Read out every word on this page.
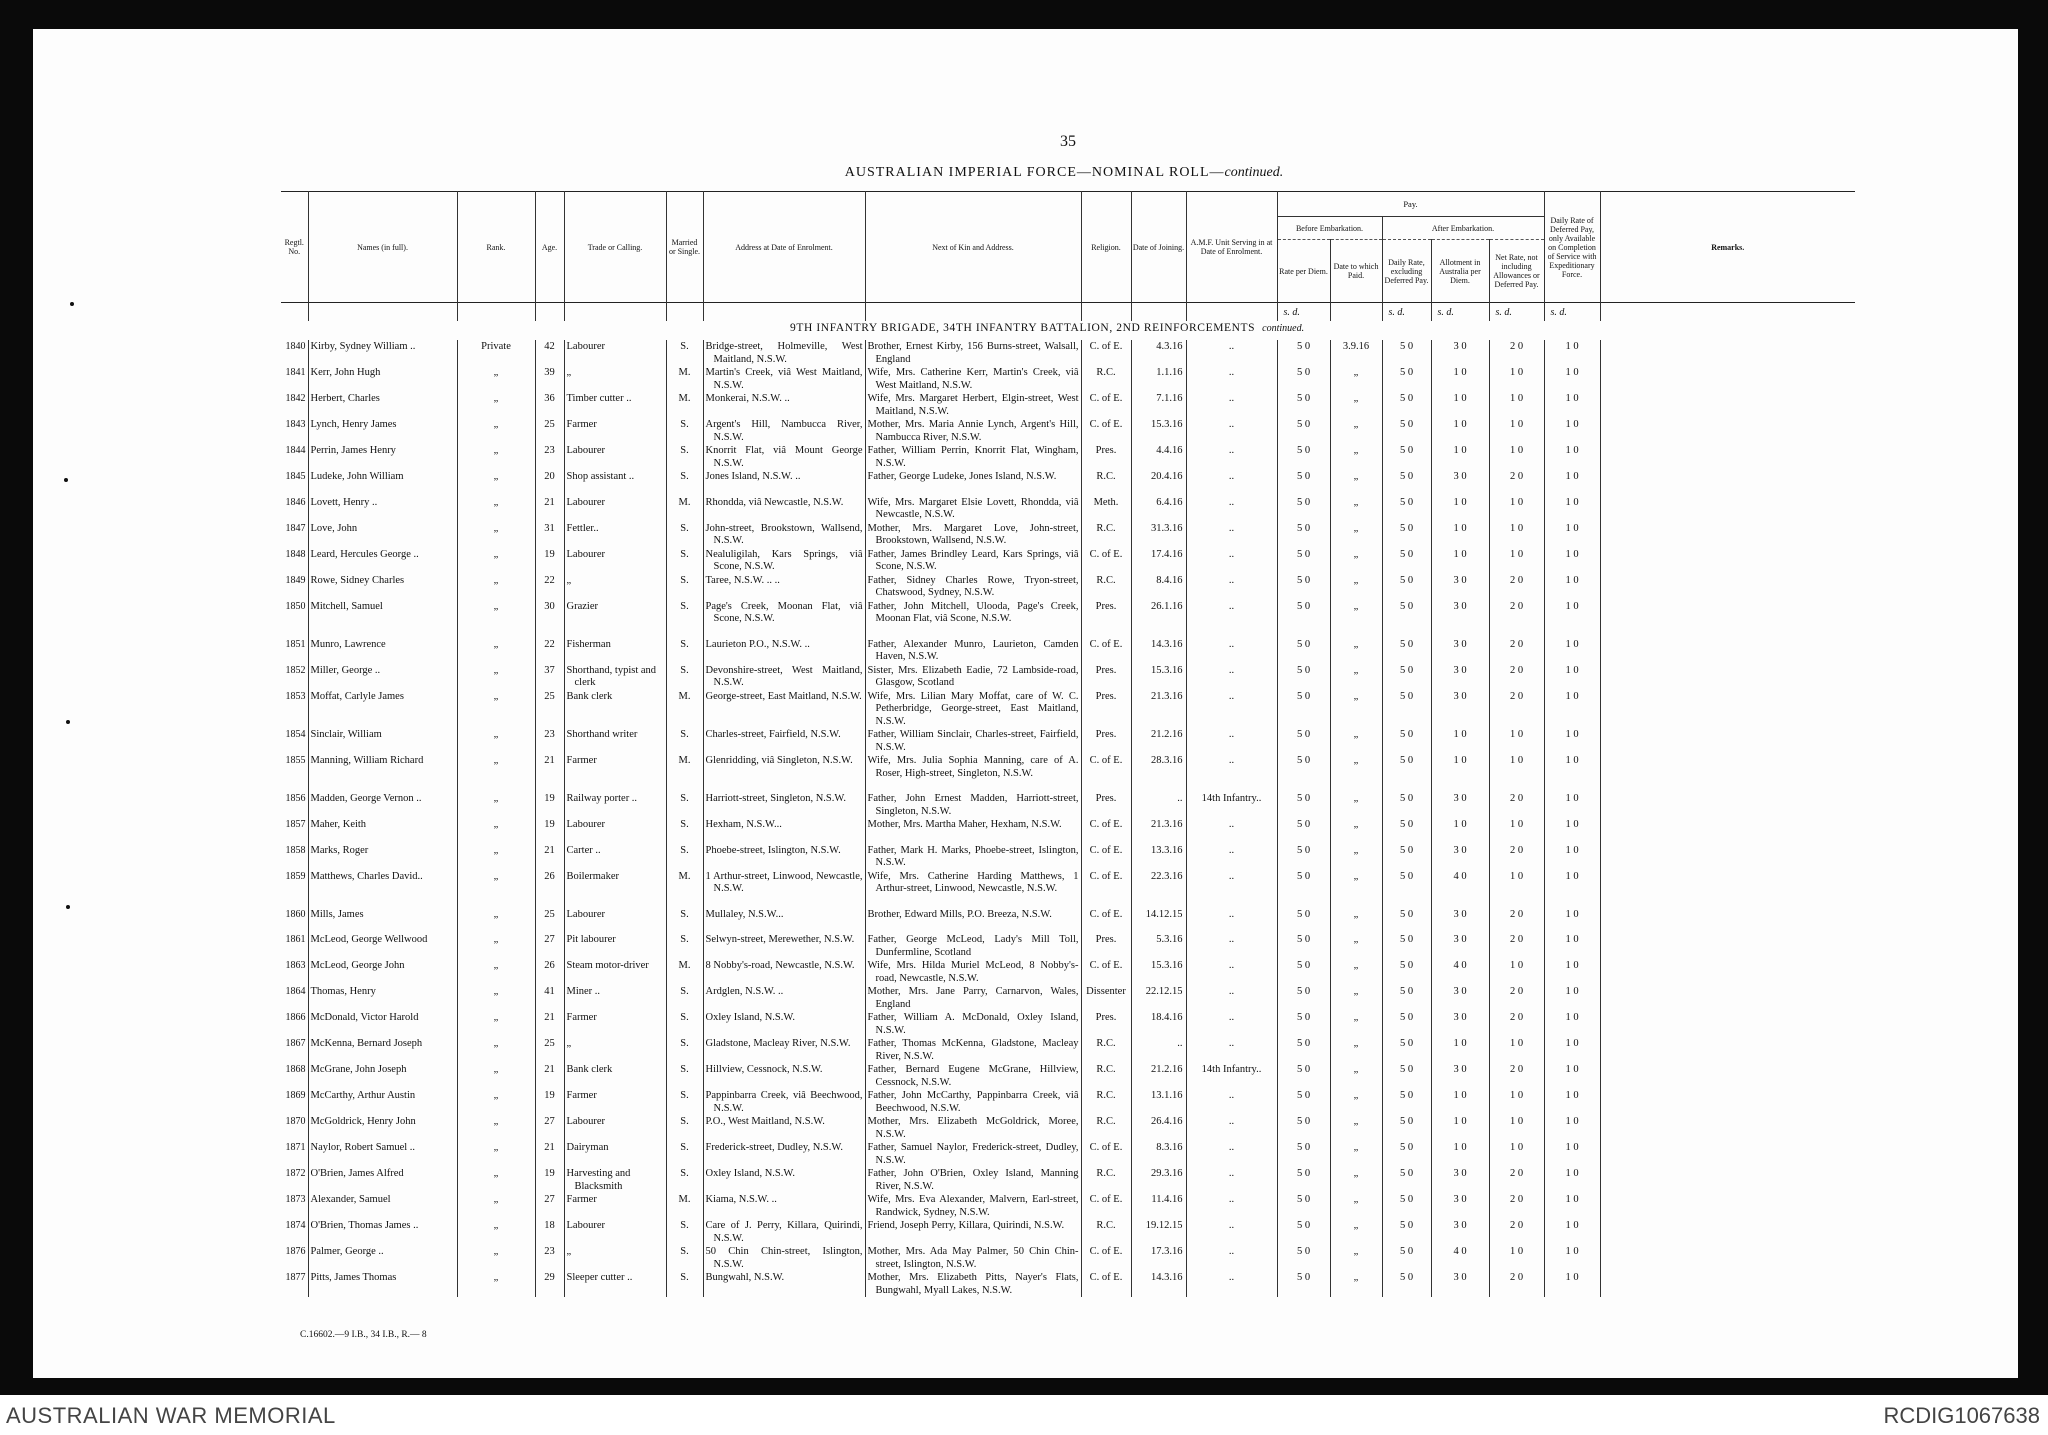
35
AUSTRALIAN IMPERIAL FORCE—NOMINAL ROLL—continued.
Regtl. No.	Names (in full).	Rank.	Age.	Trade or Calling.	Married or Single.	Address at Date of Enrolment.	Next of Kin and Address.	Religion.	Date of Joining.	A.M.F. Unit Serving in at Date of Enrolment.	Pay.					Daily Rate of Deferred Pay, only Available on Completion of Service with Expeditionary Force.	Remarks.
											Before Embarkation.		After Embarkation.				
											Rate per Diem.	Date to which Paid.	Daily Rate, excluding Deferred Pay.	Allotment in Australia per Diem.	Net Rate, not including Allowances or Deferred Pay.		
											s. d.		s. d.	s. d.	s. d.	s. d.	
9TH INFANTRY BRIGADE, 34TH INFANTRY BATTALION, 2ND REINFORCEMENTS continued.
1840	Kirby, Sydney William ..	Private	42	Labourer	S.	Bridge-street, Holmeville, West Maitland, N.S.W.	Brother, Ernest Kirby, 156 Burns-street, Walsall, England	C. of E.	4.3.16	..	5 0	3.9.16	5 0	3 0	2 0	1 0	
1841	Kerr, John Hugh	„	39	„	M.	Martin's Creek, viâ West Maitland, N.S.W.	Wife, Mrs. Catherine Kerr, Martin's Creek, viâ West Maitland, N.S.W.	R.C.	1.1.16	..	5 0	„	5 0	1 0	1 0	1 0	
1842	Herbert, Charles	„	36	Timber cutter ..	M.	Monkerai, N.S.W. ..	Wife, Mrs. Margaret Herbert, Elgin-street, West Maitland, N.S.W.	C. of E.	7.1.16	..	5 0	„	5 0	1 0	1 0	1 0	
1843	Lynch, Henry James	„	25	Farmer	S.	Argent's Hill, Nambucca River, N.S.W.	Mother, Mrs. Maria Annie Lynch, Argent's Hill, Nambucca River, N.S.W.	C. of E.	15.3.16	..	5 0	„	5 0	1 0	1 0	1 0	
1844	Perrin, James Henry	„	23	Labourer	S.	Knorrit Flat, viâ Mount George N.S.W.	Father, William Perrin, Knorrit Flat, Wingham, N.S.W.	Pres.	4.4.16	..	5 0	„	5 0	1 0	1 0	1 0	
1845	Ludeke, John William	„	20	Shop assistant ..	S.	Jones Island, N.S.W. ..	Father, George Ludeke, Jones Island, N.S.W.	R.C.	20.4.16	..	5 0	„	5 0	3 0	2 0	1 0	
1846	Lovett, Henry ..	„	21	Labourer	M.	Rhondda, viâ Newcastle, N.S.W.	Wife, Mrs. Margaret Elsie Lovett, Rhondda, viâ Newcastle, N.S.W.	Meth.	6.4.16	..	5 0	„	5 0	1 0	1 0	1 0	
1847	Love, John	„	31	Fettler..	S.	John-street, Brookstown, Wallsend, N.S.W.	Mother, Mrs. Margaret Love, John-street, Brookstown, Wallsend, N.S.W.	R.C.	31.3.16	..	5 0	„	5 0	1 0	1 0	1 0	
1848	Leard, Hercules George ..	„	19	Labourer	S.	Nealuligilah, Kars Springs, viâ Scone, N.S.W.	Father, James Brindley Leard, Kars Springs, viâ Scone, N.S.W.	C. of E.	17.4.16	..	5 0	„	5 0	1 0	1 0	1 0	
1849	Rowe, Sidney Charles	„	22	„	S.	Taree, N.S.W. .. ..	Father, Sidney Charles Rowe, Tryon-street, Chatswood, Sydney, N.S.W.	R.C.	8.4.16	..	5 0	„	5 0	3 0	2 0	1 0	
1850	Mitchell, Samuel	„	30	Grazier	S.	Page's Creek, Moonan Flat, viâ Scone, N.S.W.	Father, John Mitchell, Ulooda, Page's Creek, Moonan Flat, viâ Scone, N.S.W.	Pres.	26.1.16	..	5 0	„	5 0	3 0	2 0	1 0	
1851	Munro, Lawrence	„	22	Fisherman	S.	Laurieton P.O., N.S.W. ..	Father, Alexander Munro, Laurieton, Camden Haven, N.S.W.	C. of E.	14.3.16	..	5 0	„	5 0	3 0	2 0	1 0	
1852	Miller, George ..	„	37	Shorthand, typist and clerk	S.	Devonshire-street, West Maitland, N.S.W.	Sister, Mrs. Elizabeth Eadie, 72 Lambside-road, Glasgow, Scotland	Pres.	15.3.16	..	5 0	„	5 0	3 0	2 0	1 0	
1853	Moffat, Carlyle James	„	25	Bank clerk	M.	George-street, East Maitland, N.S.W.	Wife, Mrs. Lilian Mary Moffat, care of W. C. Petherbridge, George-street, East Maitland, N.S.W.	Pres.	21.3.16	..	5 0	„	5 0	3 0	2 0	1 0	
1854	Sinclair, William	„	23	Shorthand writer	S.	Charles-street, Fairfield, N.S.W.	Father, William Sinclair, Charles-street, Fairfield, N.S.W.	Pres.	21.2.16	..	5 0	„	5 0	1 0	1 0	1 0	
1855	Manning, William Richard	„	21	Farmer	M.	Glenridding, viâ Singleton, N.S.W.	Wife, Mrs. Julia Sophia Manning, care of A. Roser, High-street, Singleton, N.S.W.	C. of E.	28.3.16	..	5 0	„	5 0	1 0	1 0	1 0	
1856	Madden, George Vernon ..	„	19	Railway porter ..	S.	Harriott-street, Singleton, N.S.W.	Father, John Ernest Madden, Harriott-street, Singleton, N.S.W.	Pres.	..	14th Infantry..	5 0	„	5 0	3 0	2 0	1 0	
1857	Maher, Keith	„	19	Labourer	S.	Hexham, N.S.W...	Mother, Mrs. Martha Maher, Hexham, N.S.W.	C. of E.	21.3.16	..	5 0	„	5 0	1 0	1 0	1 0	
1858	Marks, Roger	„	21	Carter ..	S.	Phoebe-street, Islington, N.S.W.	Father, Mark H. Marks, Phoebe-street, Islington, N.S.W.	C. of E.	13.3.16	..	5 0	„	5 0	3 0	2 0	1 0	
1859	Matthews, Charles David..	„	26	Boilermaker	M.	1 Arthur-street, Linwood, Newcastle, N.S.W.	Wife, Mrs. Catherine Harding Matthews, 1 Arthur-street, Linwood, Newcastle, N.S.W.	C. of E.	22.3.16	..	5 0	„	5 0	4 0	1 0	1 0	
1860	Mills, James	„	25	Labourer	S.	Mullaley, N.S.W...	Brother, Edward Mills, P.O. Breeza, N.S.W.	C. of E.	14.12.15	..	5 0	„	5 0	3 0	2 0	1 0	
1861	McLeod, George Wellwood	„	27	Pit labourer	S.	Selwyn-street, Merewether, N.S.W.	Father, George McLeod, Lady's Mill Toll, Dunfermline, Scotland	Pres.	5.3.16	..	5 0	„	5 0	3 0	2 0	1 0	
1863	McLeod, George John	„	26	Steam motor-driver	M.	8 Nobby's-road, Newcastle, N.S.W.	Wife, Mrs. Hilda Muriel McLeod, 8 Nobby's-road, Newcastle, N.S.W.	C. of E.	15.3.16	..	5 0	„	5 0	4 0	1 0	1 0	
1864	Thomas, Henry	„	41	Miner ..	S.	Ardglen, N.S.W. ..	Mother, Mrs. Jane Parry, Carnarvon, Wales, England	Dissenter	22.12.15	..	5 0	„	5 0	3 0	2 0	1 0	
1866	McDonald, Victor Harold	„	21	Farmer	S.	Oxley Island, N.S.W.	Father, William A. McDonald, Oxley Island, N.S.W.	Pres.	18.4.16	..	5 0	„	5 0	3 0	2 0	1 0	
1867	McKenna, Bernard Joseph	„	25	„	S.	Gladstone, Macleay River, N.S.W.	Father, Thomas McKenna, Gladstone, Macleay River, N.S.W.	R.C.	..	..	5 0	„	5 0	1 0	1 0	1 0	
1868	McGrane, John Joseph	„	21	Bank clerk	S.	Hillview, Cessnock, N.S.W.	Father, Bernard Eugene McGrane, Hillview, Cessnock, N.S.W.	R.C.	21.2.16	14th Infantry..	5 0	„	5 0	3 0	2 0	1 0	
1869	McCarthy, Arthur Austin	„	19	Farmer	S.	Pappinbarra Creek, viâ Beechwood, N.S.W.	Father, John McCarthy, Pappinbarra Creek, viâ Beechwood, N.S.W.	R.C.	13.1.16	..	5 0	„	5 0	1 0	1 0	1 0	
1870	McGoldrick, Henry John	„	27	Labourer	S.	P.O., West Maitland, N.S.W.	Mother, Mrs. Elizabeth McGoldrick, Moree, N.S.W.	R.C.	26.4.16	..	5 0	„	5 0	1 0	1 0	1 0	
1871	Naylor, Robert Samuel ..	„	21	Dairyman	S.	Frederick-street, Dudley, N.S.W.	Father, Samuel Naylor, Frederick-street, Dudley, N.S.W.	C. of E.	8.3.16	..	5 0	„	5 0	1 0	1 0	1 0	
1872	O'Brien, James Alfred	„	19	Harvesting and Blacksmith	S.	Oxley Island, N.S.W.	Father, John O'Brien, Oxley Island, Manning River, N.S.W.	R.C.	29.3.16	..	5 0	„	5 0	3 0	2 0	1 0	
1873	Alexander, Samuel	„	27	Farmer	M.	Kiama, N.S.W. ..	Wife, Mrs. Eva Alexander, Malvern, Earl-street, Randwick, Sydney, N.S.W.	C. of E.	11.4.16	..	5 0	„	5 0	3 0	2 0	1 0	
1874	O'Brien, Thomas James ..	„	18	Labourer	S.	Care of J. Perry, Killara, Quirindi, N.S.W.	Friend, Joseph Perry, Killara, Quirindi, N.S.W.	R.C.	19.12.15	..	5 0	„	5 0	3 0	2 0	1 0	
1876	Palmer, George ..	„	23	„	S.	50 Chin Chin-street, Islington, N.S.W.	Mother, Mrs. Ada May Palmer, 50 Chin Chin-street, Islington, N.S.W.	C. of E.	17.3.16	..	5 0	„	5 0	4 0	1 0	1 0	
1877	Pitts, James Thomas	„	29	Sleeper cutter ..	S.	Bungwahl, N.S.W.	Mother, Mrs. Elizabeth Pitts, Nayer's Flats, Bungwahl, Myall Lakes, N.S.W.	C. of E.	14.3.16	..	5 0	„	5 0	3 0	2 0	1 0	
C.16602.—9 I.B., 34 I.B., R.— 8
AUSTRALIAN WAR MEMORIAL	RCDIG1067638
